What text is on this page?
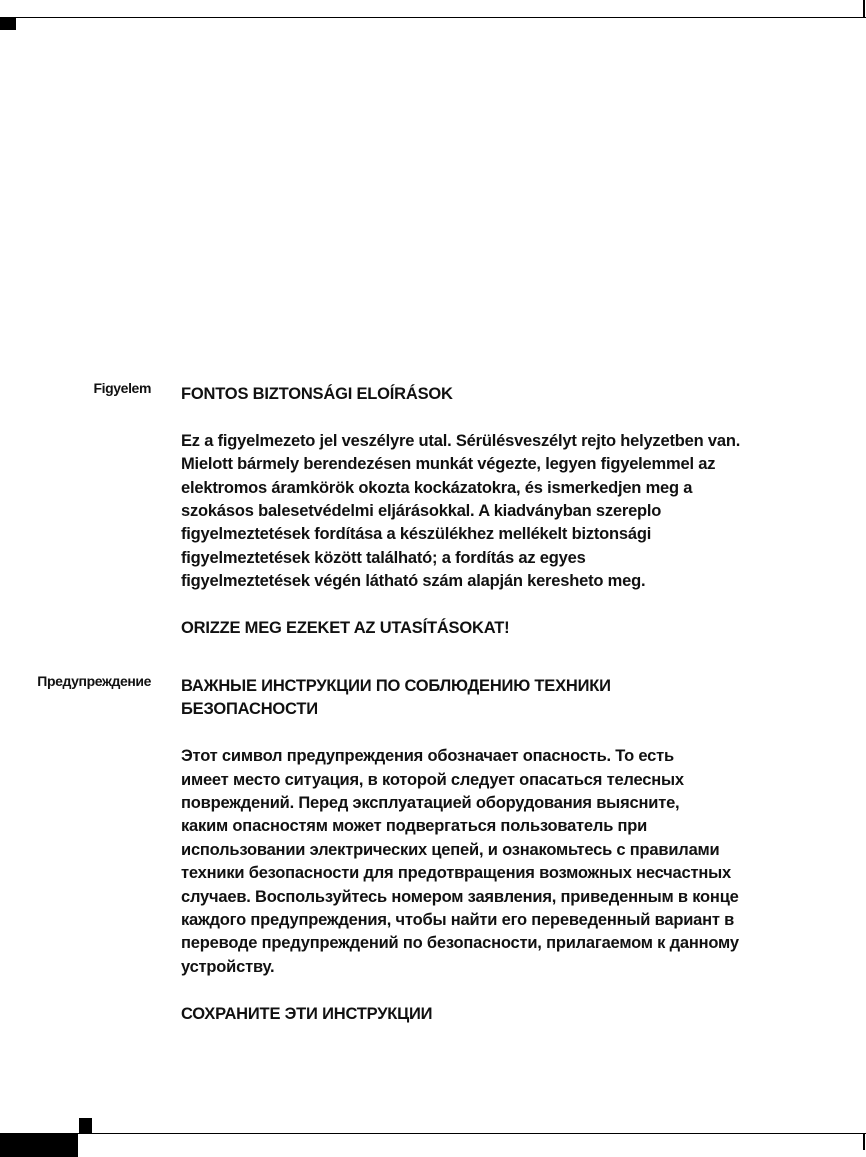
Figyelem FONTOS BIZTONSÁGI ELOÍRÁSOK
Ez a figyelmezeto jel veszélyre utal. Sérülésveszélyt rejto helyzetben van.
Mielott bármely berendezésen munkát végezte, legyen figyelemmel az
elektromos áramkörök okozta kockázatokra, és ismerkedjen meg a
szokásos balesetvédelmi eljárásokkal. A kiadványban szereplo
figyelmeztetések fordítása a készülékhez mellékelt biztonsági
figyelmeztetések között található; a fordítás az egyes
figyelmeztetések végén látható szám alapján keresheto meg.
ORIZZE MEG EZEKET AZ UTASÍTÁSOKAT!
Предупреждение ВАЖНЫЕ ИНСТРУКЦИИ ПО СОБЛЮДЕНИЮ ТЕХНИКИ
БЕЗОПАСНОСТИ
Этот символ предупреждения обозначает опасность. То есть
имеет место ситуация, в которой следует опасаться телесных
повреждений. Перед эксплуатацией оборудования выясните,
каким опасностям может подвергаться пользователь при
использовании электрических цепей, и ознакомьтесь с правилами
техники безопасности для предотвращения возможных несчастных
случаев. Воспользуйтесь номером заявления, приведенным в конце
каждого предупреждения, чтобы найти его переведенный вариант в
переводе предупреждений по безопасности, прилагаемом к данному
устройству.
СОХРАНИТЕ ЭТИ ИНСТРУКЦИИ
